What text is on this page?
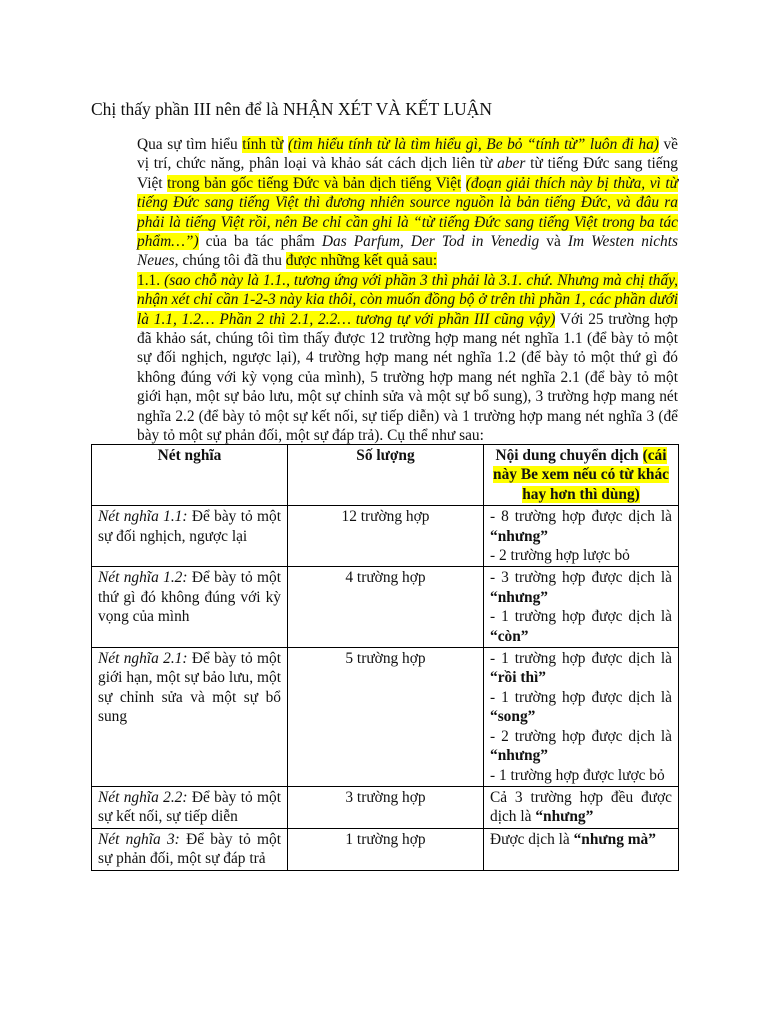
Chị thấy phần III nên để là NHẬN XÉT VÀ KẾT LUẬN

Qua sự tìm hiểu tính từ (tìm hiểu tính từ là tìm hiểu gì, Be bỏ “tính từ” luôn đi ha) về vị trí, chức năng, phân loại và khảo sát cách dịch liên từ aber từ tiếng Đức sang tiếng Việt trong bản gốc tiếng Đức và bản dịch tiếng Việt (đoạn giải thích này bị thừa, vì từ tiếng Đức sang tiếng Việt thì đương nhiên source nguồn là bản tiếng Đức, và đâu ra phải là tiếng Việt rồi, nên Be chỉ cần ghi là “từ tiếng Đức sang tiếng Việt trong ba tác phẩm…”) của ba tác phẩm Das Parfum, Der Tod in Venedig và Im Westen nichts Neues, chúng tôi đã thu được những kết quả sau:

1.1. (sao chỗ này là 1.1., tương ứng với phần 3 thì phải là 3.1. chứ. Nhưng mà chị thấy, nhận xét chỉ cần 1-2-3 này kia thôi, còn muốn đồng bộ ở trên thì phần 1, các phần dưới là 1.1, 1.2… Phần 2 thì 2.1, 2.2… tương tự với phần III cũng vậy) Với 25 trường hợp đã khảo sát, chúng tôi tìm thấy được 12 trường hợp mang nét nghĩa 1.1 (để bày tỏ một sự đối nghịch, ngược lại), 4 trường hợp mang nét nghĩa 1.2 (để bày tỏ một thứ gì đó không đúng với kỳ vọng của mình), 5 trường hợp mang nét nghĩa 2.1 (để bày tỏ một giới hạn, một sự bảo lưu, một sự chỉnh sửa và một sự bổ sung), 3 trường hợp mang nét nghĩa 2.2 (để bày tỏ một sự kết nối, sự tiếp diễn) và 1 trường hợp mang nét nghĩa 3 (để bày tỏ một sự phản đối, một sự đáp trả). Cụ thể như sau:

Nét nghĩa	Số lượng	Nội dung chuyển dịch (cái này Be xem nếu có từ khác hay hơn thì dùng)
Nét nghĩa 1.1: Để bày tỏ một sự đối nghịch, ngược lại	12 trường hợp	- 8 trường hợp được dịch là “nhưng”
- 2 trường hợp lược bỏ

Nét nghĩa 1.2: Để bày tỏ một thứ gì đó không đúng với kỳ vọng của mình	4 trường hợp	- 3 trường hợp được dịch là “nhưng”
- 1 trường hợp được dịch là “còn”

Nét nghĩa 2.1: Để bày tỏ một giới hạn, một sự bảo lưu, một sự chỉnh sửa và một sự bổ sung	5 trường hợp	- 1 trường hợp được dịch là “rồi thì”
- 1 trường hợp được dịch là “song”
- 2 trường hợp được dịch là “nhưng”
- 1 trường hợp được lược bỏ

Nét nghĩa 2.2: Để bày tỏ một sự kết nối, sự tiếp diễn	3 trường hợp	Cả 3 trường hợp đều được dịch là “nhưng”
Nét nghĩa 3: Để bày tỏ một sự phản đối, một sự đáp trả	1 trường hợp	Được dịch là “nhưng mà”
